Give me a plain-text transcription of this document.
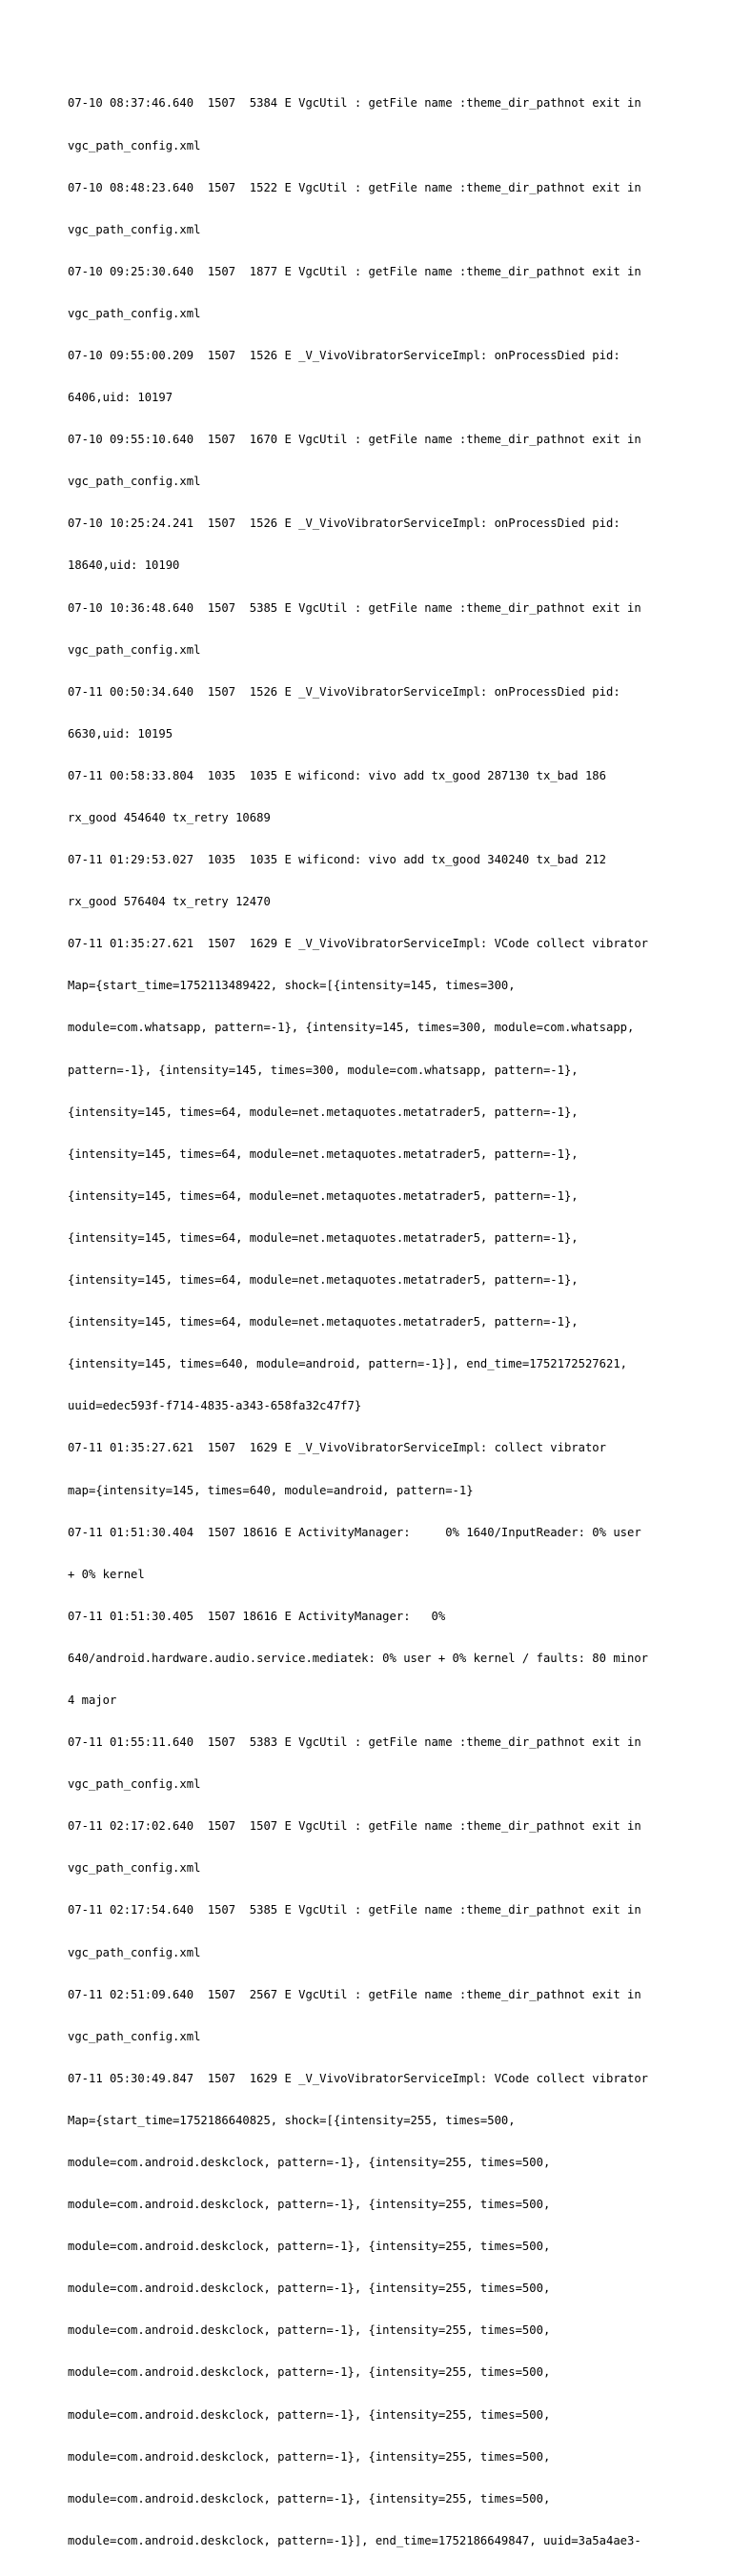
07-10 08:37:46.640  1507  5384 E VgcUtil : getFile name :theme_dir_pathnot exit in

vgc_path_config.xml

07-10 08:48:23.640  1507  1522 E VgcUtil : getFile name :theme_dir_pathnot exit in

vgc_path_config.xml

07-10 09:25:30.640  1507  1877 E VgcUtil : getFile name :theme_dir_pathnot exit in

vgc_path_config.xml

07-10 09:55:00.209  1507  1526 E _V_VivoVibratorServiceImpl: onProcessDied pid:

6406,uid: 10197

07-10 09:55:10.640  1507  1670 E VgcUtil : getFile name :theme_dir_pathnot exit in

vgc_path_config.xml

07-10 10:25:24.241  1507  1526 E _V_VivoVibratorServiceImpl: onProcessDied pid:

18640,uid: 10190

07-10 10:36:48.640  1507  5385 E VgcUtil : getFile name :theme_dir_pathnot exit in

vgc_path_config.xml

07-11 00:50:34.640  1507  1526 E _V_VivoVibratorServiceImpl: onProcessDied pid:

6630,uid: 10195

07-11 00:58:33.804  1035  1035 E wificond: vivo add tx_good 287130 tx_bad 186

rx_good 454640 tx_retry 10689

07-11 01:29:53.027  1035  1035 E wificond: vivo add tx_good 340240 tx_bad 212

rx_good 576404 tx_retry 12470

07-11 01:35:27.621  1507  1629 E _V_VivoVibratorServiceImpl: VCode collect vibrator

Map={start_time=1752113489422, shock=[{intensity=145, times=300,

module=com.whatsapp, pattern=-1}, {intensity=145, times=300, module=com.whatsapp,

pattern=-1}, {intensity=145, times=300, module=com.whatsapp, pattern=-1},

{intensity=145, times=64, module=net.metaquotes.metatrader5, pattern=-1},

{intensity=145, times=64, module=net.metaquotes.metatrader5, pattern=-1},

{intensity=145, times=64, module=net.metaquotes.metatrader5, pattern=-1},

{intensity=145, times=64, module=net.metaquotes.metatrader5, pattern=-1},

{intensity=145, times=64, module=net.metaquotes.metatrader5, pattern=-1},

{intensity=145, times=64, module=net.metaquotes.metatrader5, pattern=-1},

{intensity=145, times=640, module=android, pattern=-1}], end_time=1752172527621,

uuid=edec593f-f714-4835-a343-658fa32c47f7}

07-11 01:35:27.621  1507  1629 E _V_VivoVibratorServiceImpl: collect vibrator

map={intensity=145, times=640, module=android, pattern=-1}

07-11 01:51:30.404  1507 18616 E ActivityManager:     0% 1640/InputReader: 0% user

+ 0% kernel

07-11 01:51:30.405  1507 18616 E ActivityManager:   0%

640/android.hardware.audio.service.mediatek: 0% user + 0% kernel / faults: 80 minor

4 major

07-11 01:55:11.640  1507  5383 E VgcUtil : getFile name :theme_dir_pathnot exit in

vgc_path_config.xml

07-11 02:17:02.640  1507  1507 E VgcUtil : getFile name :theme_dir_pathnot exit in

vgc_path_config.xml

07-11 02:17:54.640  1507  5385 E VgcUtil : getFile name :theme_dir_pathnot exit in

vgc_path_config.xml

07-11 02:51:09.640  1507  2567 E VgcUtil : getFile name :theme_dir_pathnot exit in

vgc_path_config.xml

07-11 05:30:49.847  1507  1629 E _V_VivoVibratorServiceImpl: VCode collect vibrator

Map={start_time=1752186640825, shock=[{intensity=255, times=500,

module=com.android.deskclock, pattern=-1}, {intensity=255, times=500,

module=com.android.deskclock, pattern=-1}, {intensity=255, times=500,

module=com.android.deskclock, pattern=-1}, {intensity=255, times=500,

module=com.android.deskclock, pattern=-1}, {intensity=255, times=500,

module=com.android.deskclock, pattern=-1}, {intensity=255, times=500,

module=com.android.deskclock, pattern=-1}, {intensity=255, times=500,

module=com.android.deskclock, pattern=-1}, {intensity=255, times=500,

module=com.android.deskclock, pattern=-1}, {intensity=255, times=500,

module=com.android.deskclock, pattern=-1}, {intensity=255, times=500,

module=com.android.deskclock, pattern=-1}], end_time=1752186649847, uuid=3a5a4ae3-
